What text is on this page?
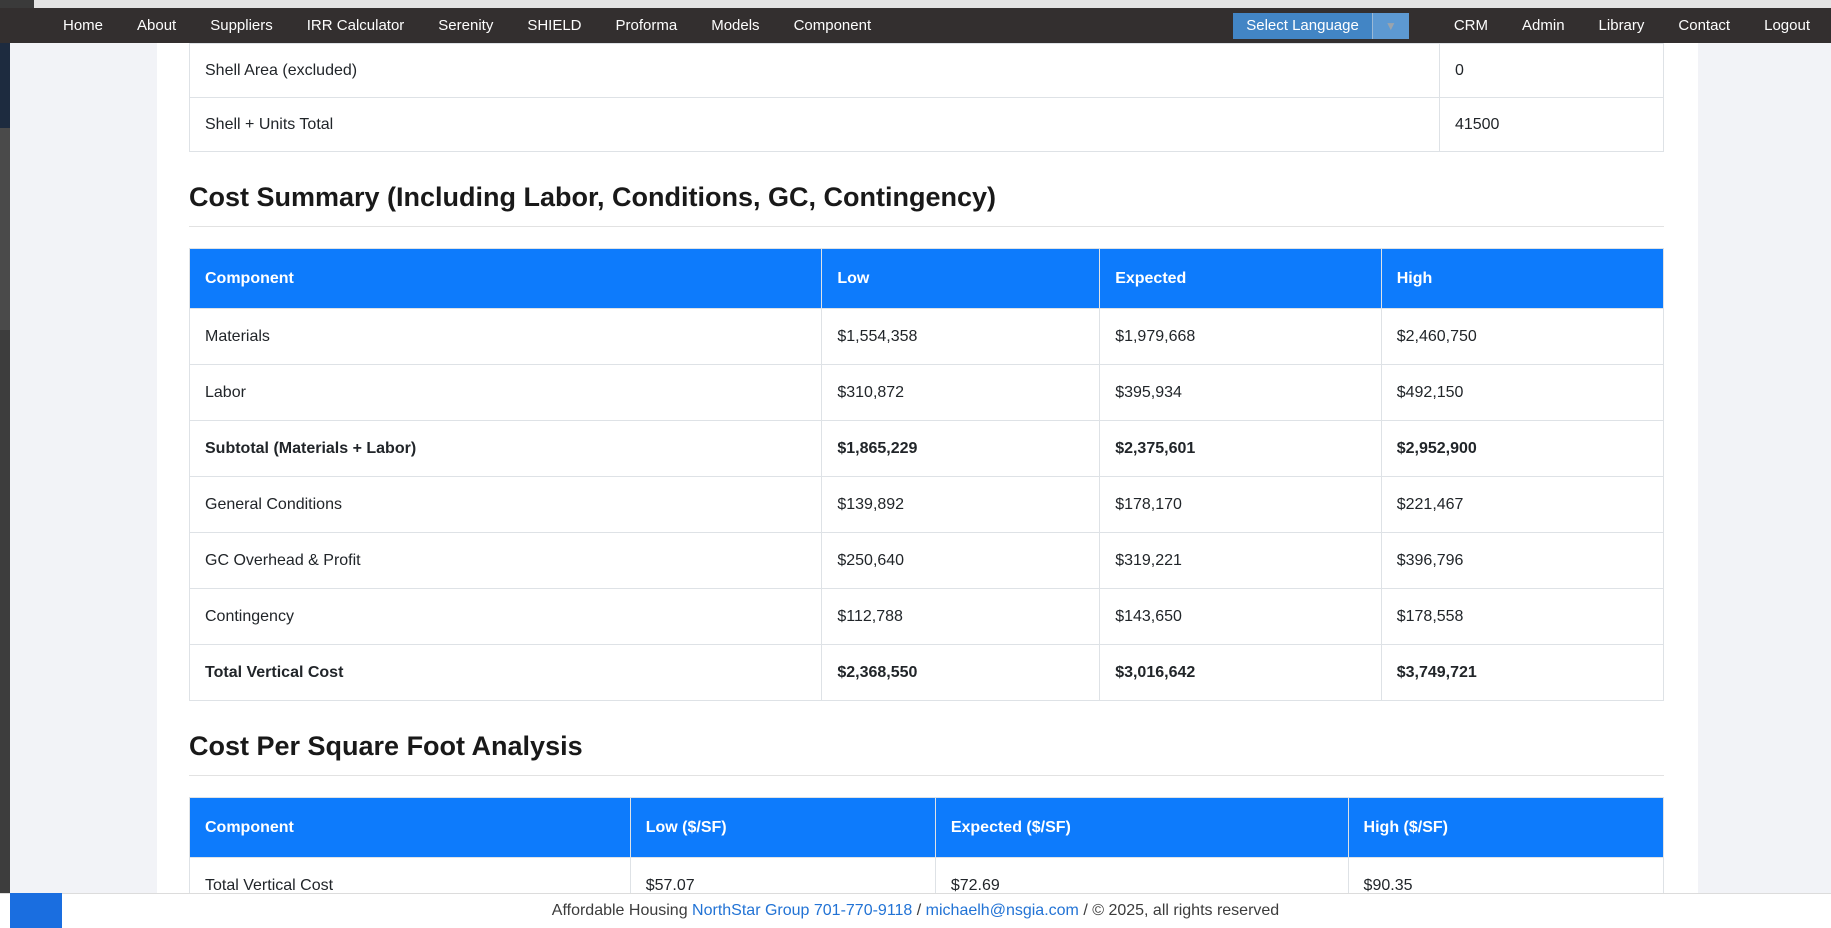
Home	About	Suppliers	IRR Calculator	Serenity	SHIELD	Proforma	Models	Component	Select Language	▼	CRM	Admin	Library	Contact	Logout
Shell Area (excluded)	0
Shell + Units Total	41500
Cost Summary (Including Labor, Conditions, GC, Contingency)
Component	Low	Expected	High
Materials	$1,554,358	$1,979,668	$2,460,750
Labor	$310,872	$395,934	$492,150
Subtotal (Materials + Labor)	$1,865,229	$2,375,601	$2,952,900
General Conditions	$139,892	$178,170	$221,467
GC Overhead & Profit	$250,640	$319,221	$396,796
Contingency	$112,788	$143,650	$178,558
Total Vertical Cost	$2,368,550	$3,016,642	$3,749,721
Cost Per Square Foot Analysis
Component	Low ($/SF)	Expected ($/SF)	High ($/SF)
Total Vertical Cost	$57.07	$72.69	$90.35
Affordable Housing NorthStar Group 701-770-9118 / michaelh@nsgia.com / © 2025, all rights reserved
